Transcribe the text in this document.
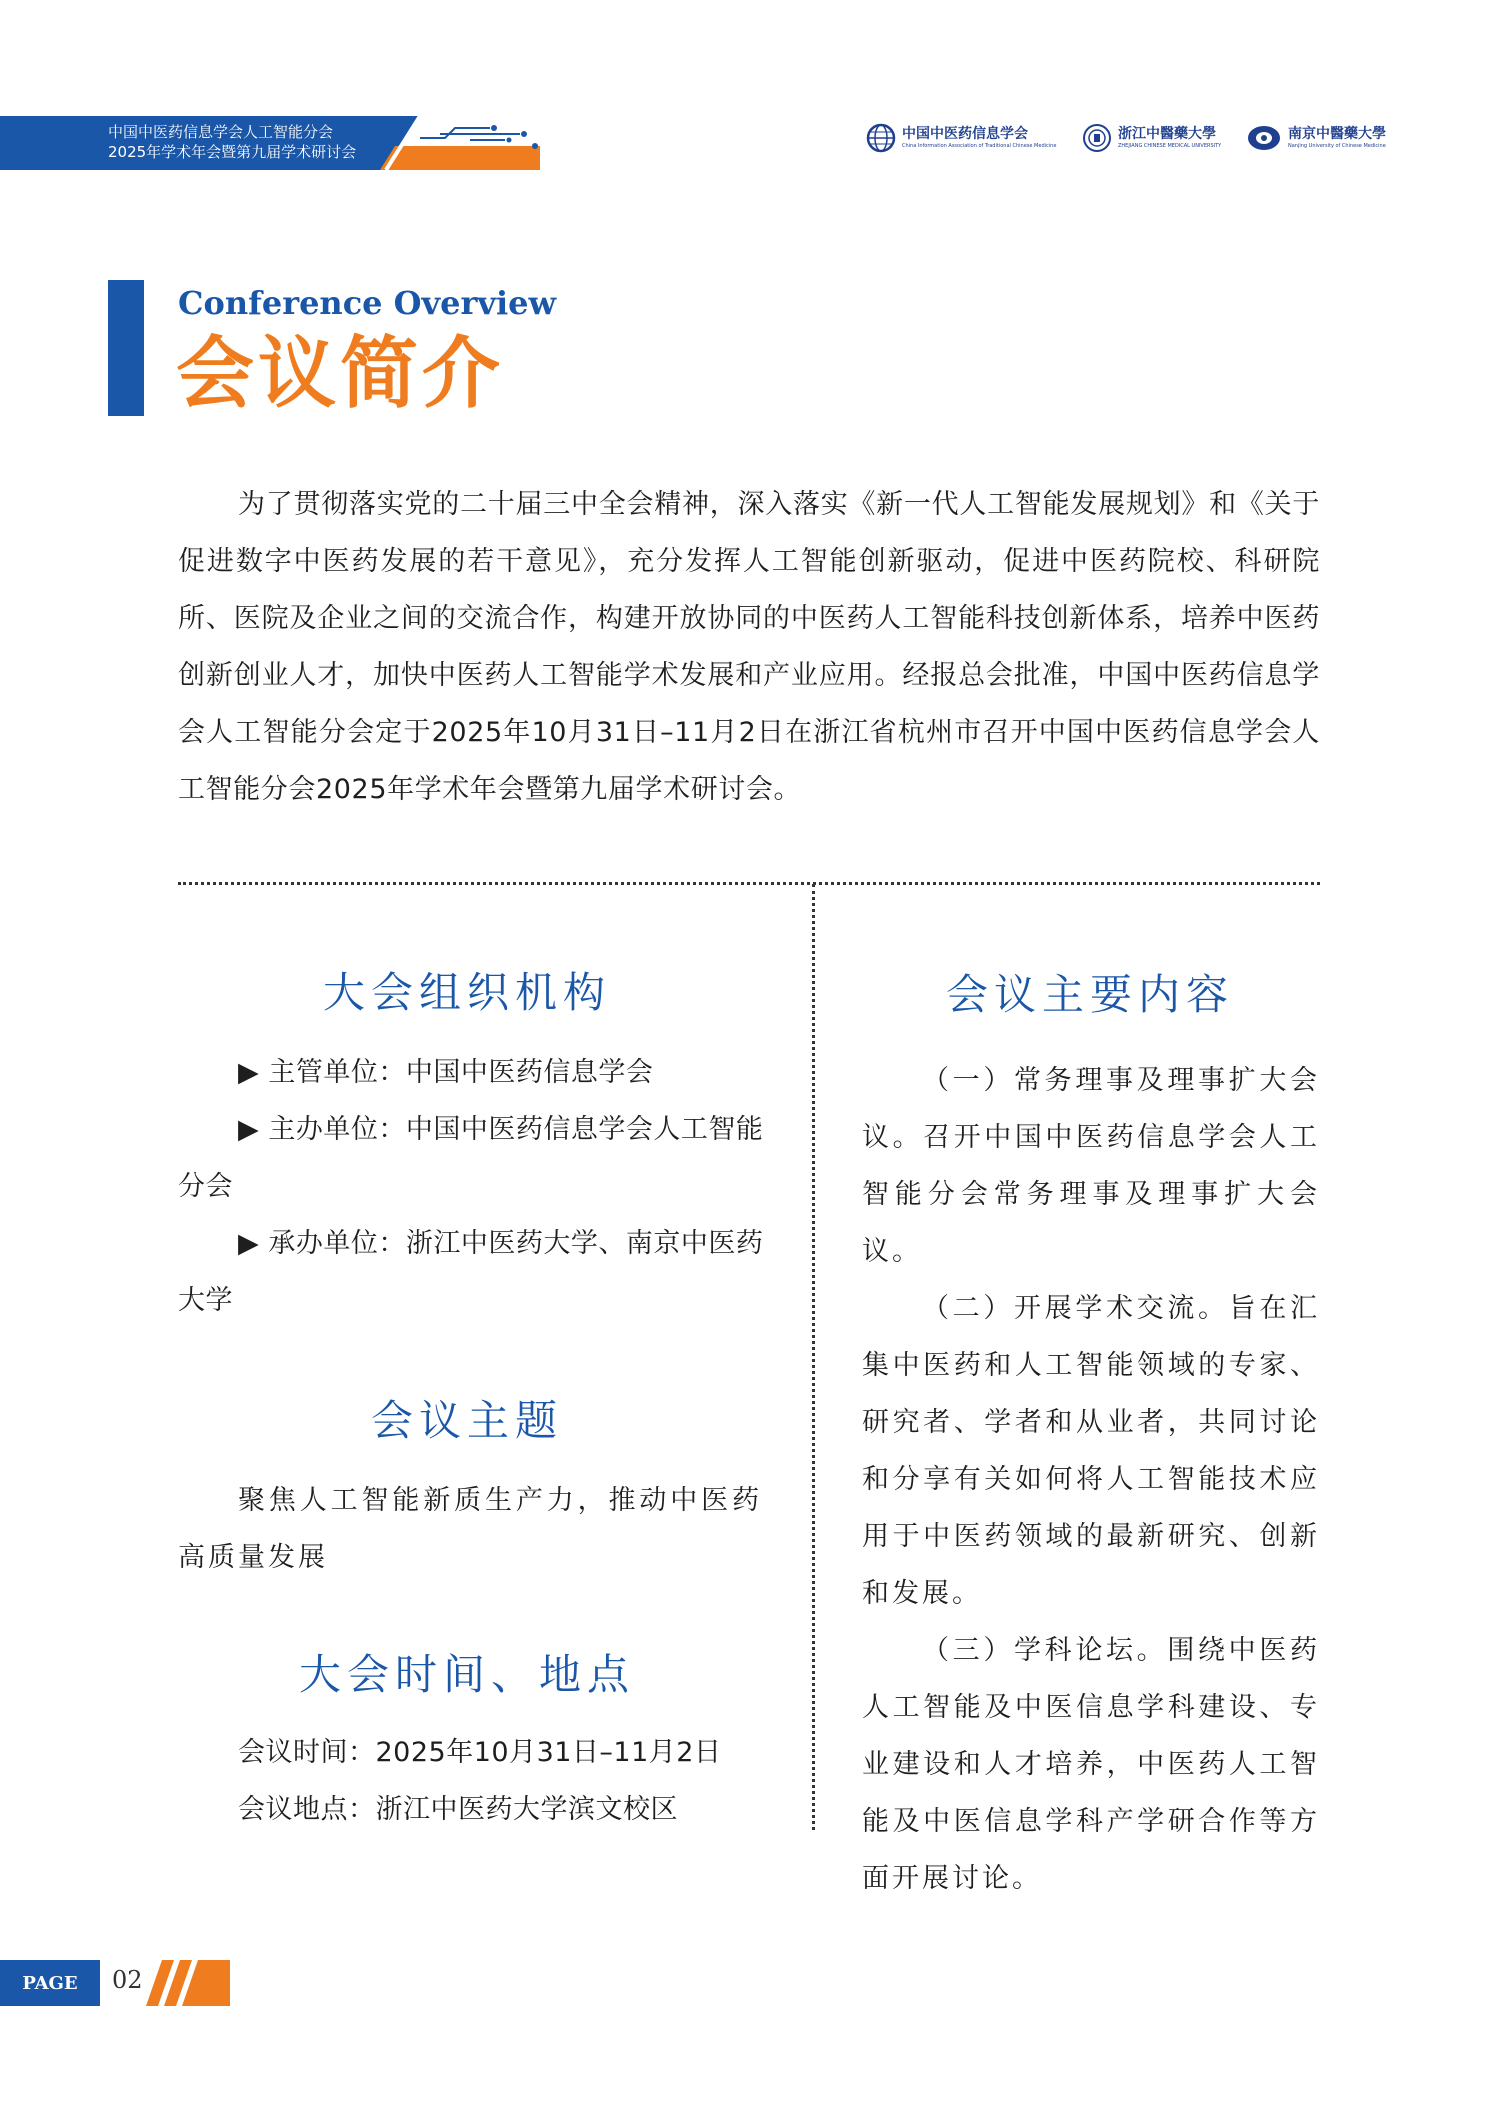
中国中医药信息学会人工智能分会
2025年学术年会暨第九届学术研讨会
中国中医药信息学会
China Information Association of Traditional Chinese Medicine
浙江中醫藥大學
ZHEJIANG CHINESE MEDICAL UNIVERSITY
南京中醫藥大學
Nanjing University of Chinese Medicine
Conference Overview
会议简介
为了贯彻落实党的二十届三中全会精神，深入落实《新一代人工智能发展规划》和《关于促进数字中医药发展的若干意见》，充分发挥人工智能创新驱动，促进中医药院校、科研院所、医院及企业之间的交流合作，构建开放协同的中医药人工智能科技创新体系，培养中医药创新创业人才，加快中医药人工智能学术发展和产业应用。经报总会批准，中国中医药信息学会人工智能分会定于2025年10月31日–11月2日在浙江省杭州市召开中国中医药信息学会人工智能分会2025年学术年会暨第九届学术研讨会。
大会组织机构
▶ 主管单位：中国中医药信息学会
▶ 主办单位：中国中医药信息学会人工智能分会
▶ 承办单位：浙江中医药大学、南京中医药大学
会议主题
聚焦人工智能新质生产力，推动中医药高质量发展
大会时间、地点
会议时间：2025年10月31日–11月2日
会议地点：浙江中医药大学滨文校区
会议主要内容
（一）常务理事及理事扩大会议。召开中国中医药信息学会人工智能分会常务理事及理事扩大会议。
（二）开展学术交流。旨在汇集中医药和人工智能领域的专家、研究者、学者和从业者，共同讨论和分享有关如何将人工智能技术应用于中医药领域的最新研究、创新和发展。
（三）学科论坛。围绕中医药人工智能及中医信息学科建设、专业建设和人才培养，中医药人工智能及中医信息学科产学研合作等方面开展讨论。
PAGE	02
